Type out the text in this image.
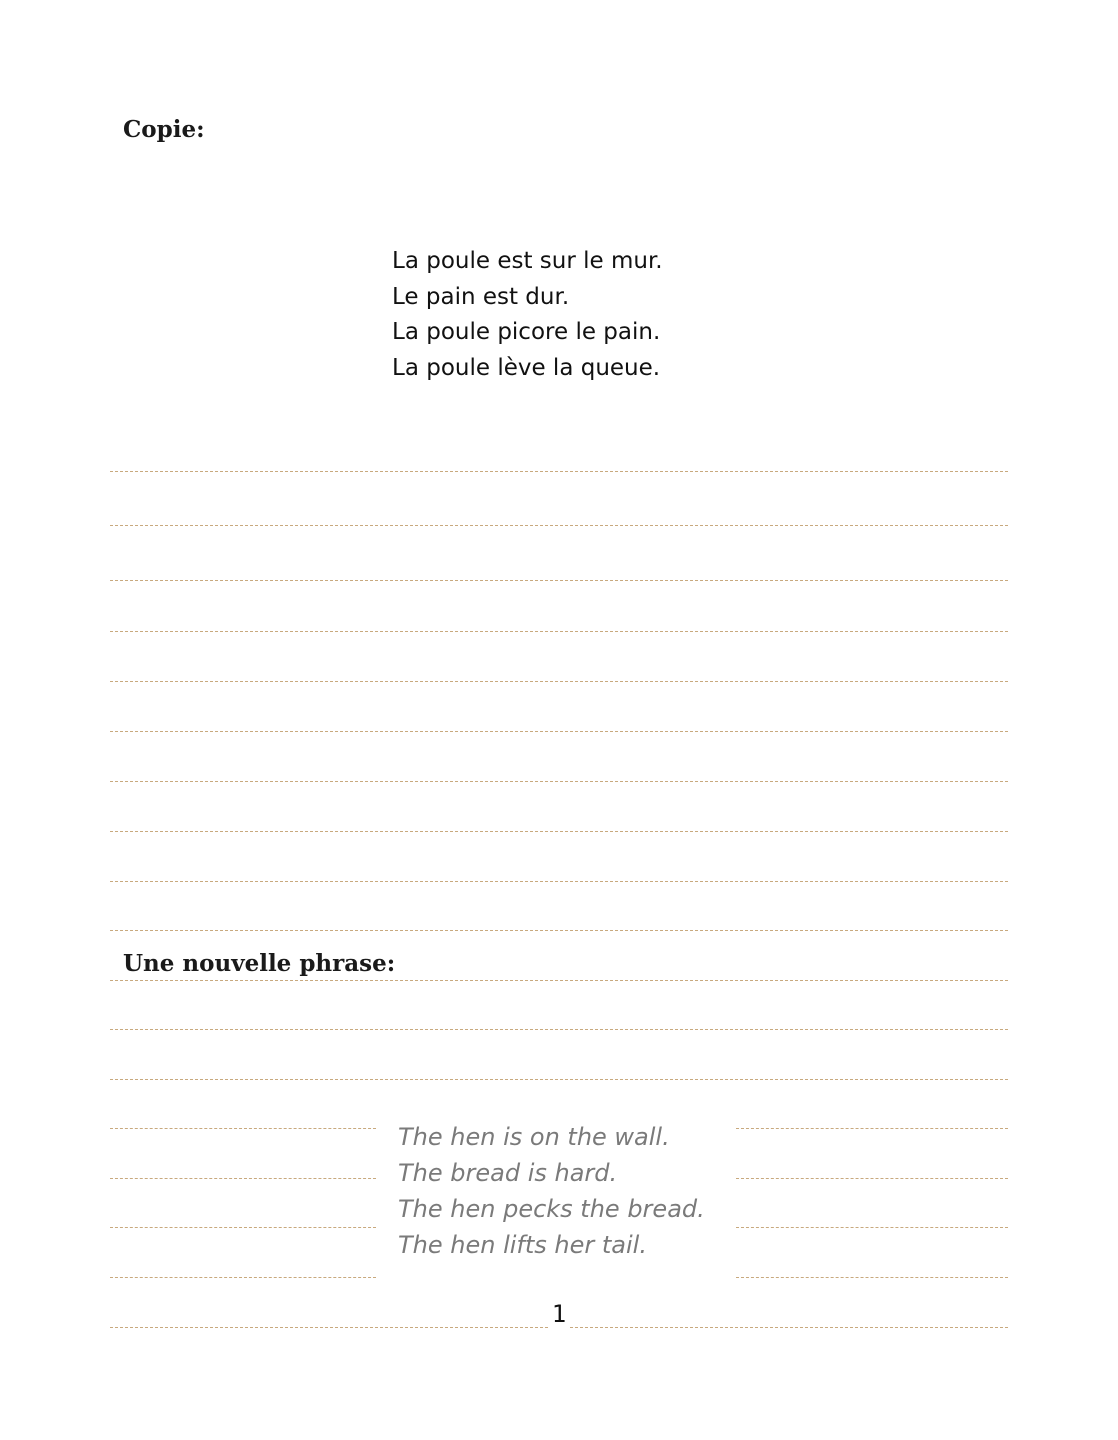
Copie:
La poule est sur le mur.
Le pain est dur.
La poule picore le pain.
La poule lève la queue.
Une nouvelle phrase:
The hen is on the wall.
The bread is hard.
The hen pecks the bread.
The hen lifts her tail.
1
